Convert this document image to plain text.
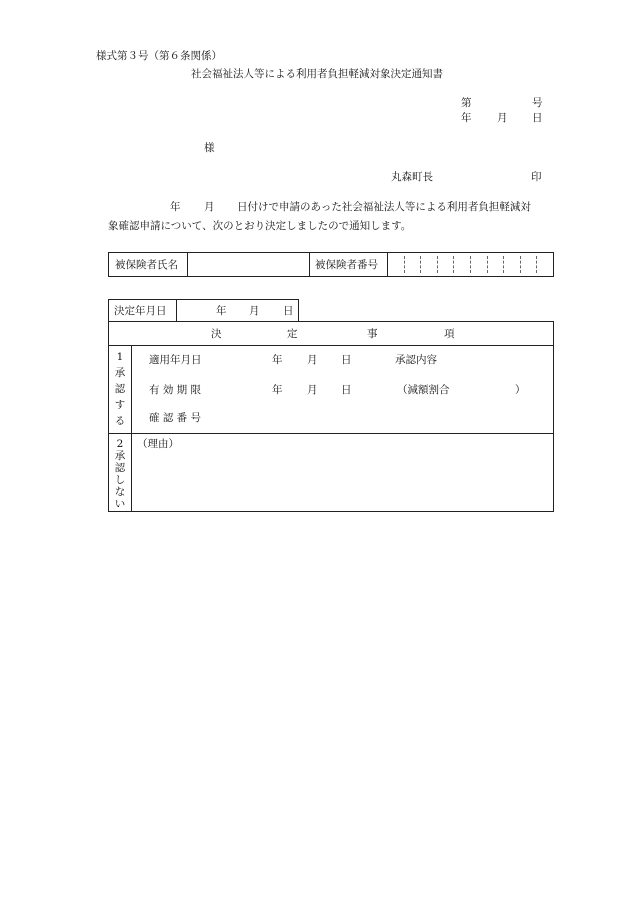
様式第３号（第６条関係）
社会福祉法人等による利用者負担軽減対象決定通知書
第	号
年 月 日
様
丸森町長	印
年 月 日付けで申請のあった社会福祉法人等による利用者負担軽減対
象確認申請について、次のとおり決定しましたので通知します。
被保険者氏名	被保険者番号
決定年月日	年 月 日
決	定	事	項
1
承
認
す
る
適用年月日	年 月 日	承認内容
有 効 期 限	年 月 日	（減額割合	）
確 認 番 号
2
承
認
し
な
い
（理由）
